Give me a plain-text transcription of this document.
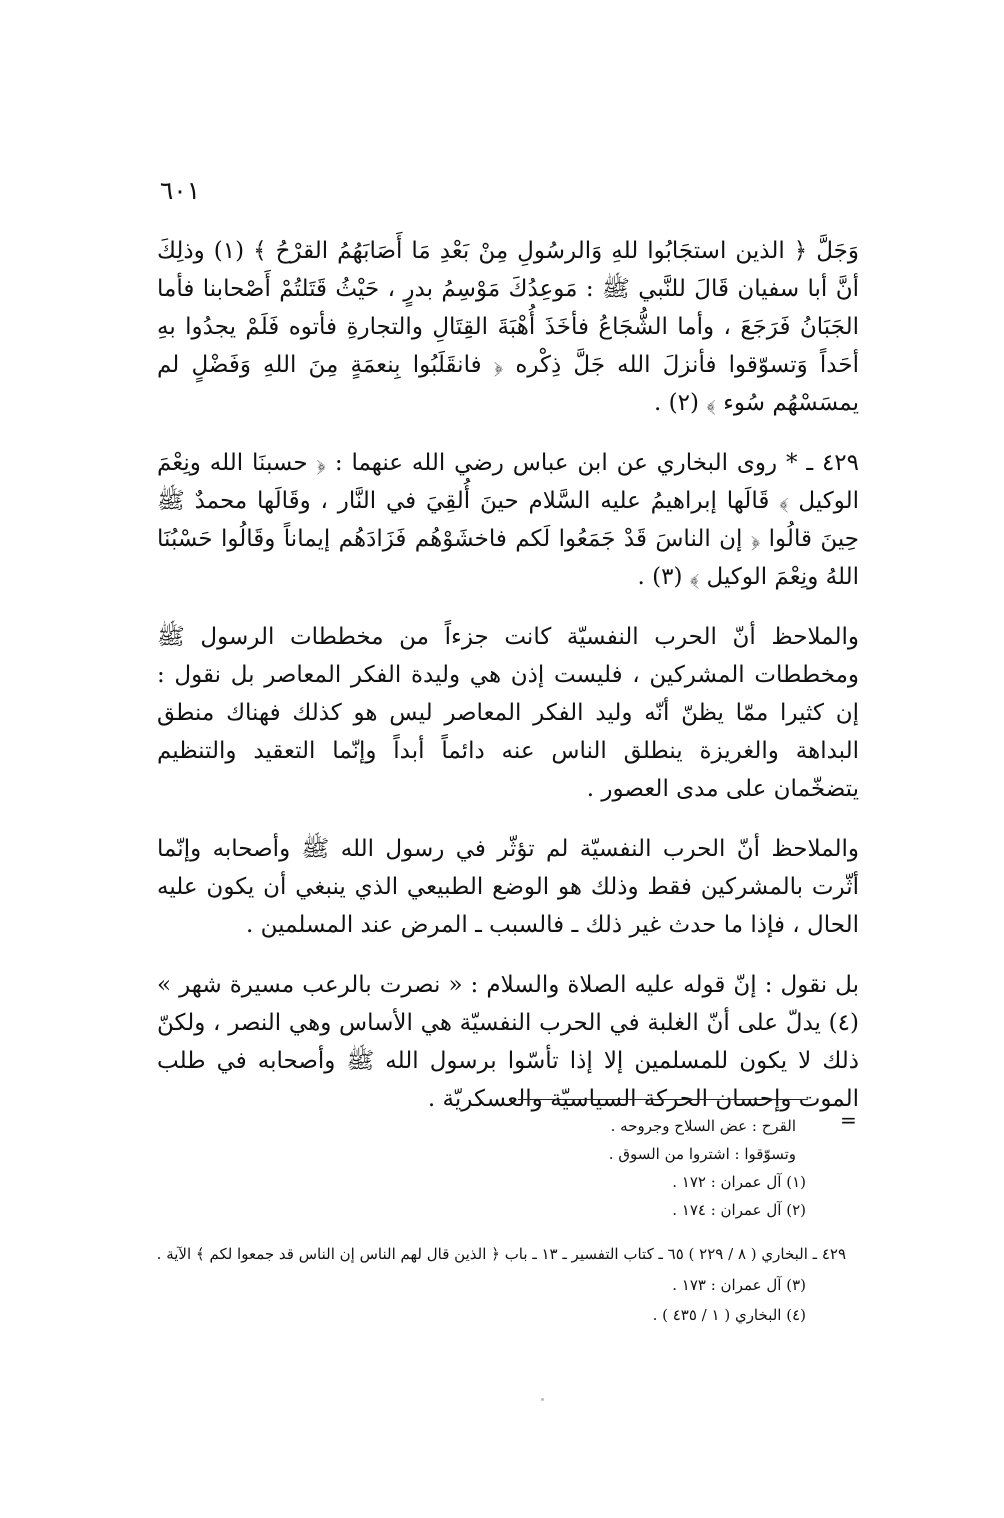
٦٠١

وَجَلَّ ﴿ الذين استجَابُوا للهِ وَالرسُولِ مِنْ بَعْدِ مَا أَصَابَهُمُ القرْحُ ﴾ (١) وذلِكَ أنَّ أبا سفيان قَالَ للنَّبي ﷺ : مَوعِدُكَ مَوْسِمُ بدرٍ ، حَيْثُ قَتَلتُمْ أَصْحابنا فأما الجَبَانُ فَرَجَعَ ، وأما الشُّجَاعُ فأخَذَ أُهْبَةَ القِتَالِ والتجارةِ فأتوه فَلَمْ يجدُوا بهِ أحَداً وَتسوّقوا فأنزلَ الله جَلَّ ذِكْره ﴿ فانقَلَبُوا بِنعمَةٍ مِنَ اللهِ وَفَضْلٍ لم يمسَسْهُم سُوء ﴾ (٢) .

٤٢٩ ـ * روى البخاري عن ابن عباس رضي الله عنهما : ﴿ حسبنَا الله ونِعْمَ الوكيل ﴾ قَالَها إبراهيمُ عليه السَّلام حينَ أُلقِيَ في النَّار ، وقَالَها محمدٌ ﷺ حِينَ قالُوا ﴿ إن الناسَ قَدْ جَمَعُوا لَكم فاخشَوْهُم فَزَادَهُم إيماناً وقَالُوا حَسْبُنَا اللهُ ونِعْمَ الوكيل ﴾ (٣) .

والملاحظ أنّ الحرب النفسيّة كانت جزءاً من مخططات الرسول ﷺ ومخططات المشركين ، فليست إذن هي وليدة الفكر المعاصر بل نقول : إن كثيرا ممّا يظنّ أنّه وليد الفكر المعاصر ليس هو كذلك فهناك منطق البداهة والغريزة ينطلق الناس عنه دائماً أبداً وإنّما التعقيد والتنظيم يتضخّمان على مدى العصور .

والملاحظ أنّ الحرب النفسيّة لم تؤثّر في رسول الله ﷺ وأصحابه وإنّما أثّرت بالمشركين فقط وذلك هو الوضع الطبيعي الذي ينبغي أن يكون عليه الحال ، فإذا ما حدث غير ذلك ـ فالسبب ـ المرض عند المسلمين .

بل نقول : إنّ قوله عليه الصلاة والسلام : « نصرت بالرعب مسيرة شهر » (٤) يدلّ على أنّ الغلبة في الحرب النفسيّة هي الأساس وهي النصر ، ولكنّ ذلك لا يكون للمسلمين إلا إذا تأسّوا برسول الله ﷺ وأصحابه في طلب الموت وإحسان الحركة السياسيّة والعسكريّة .

=
القرح : عض السلاح وجروحه .
وتسوّقوا : اشتروا من السوق .
(١) آل عمران : ١٧٢ .
(٢) آل عمران : ١٧٤ .
٤٢٩ ـ البخاري ( ٨ / ٢٢٩ ) ٦٥ ـ كتاب التفسير ـ ١٣ ـ باب ﴿ الذين قال لهم الناس إن الناس قد جمعوا لكم ﴾ الآية .
(٣) آل عمران : ١٧٣ .
(٤) البخاري ( ١ / ٤٣٥ ) .
